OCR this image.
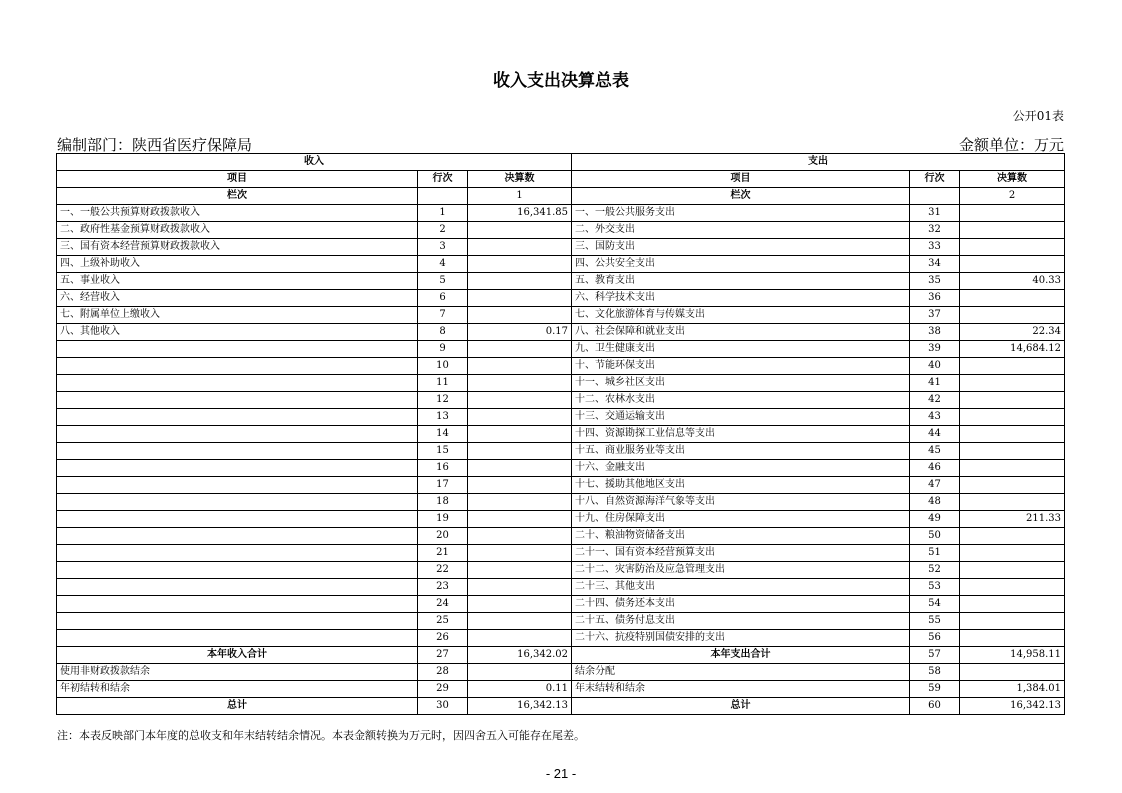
收入支出决算总表
公开01表
编制部门：陕西省医疗保障局	金额单位：万元
收入			支出		
项目	行次	决算数	项目	行次	决算数
栏次		1	栏次		2
一、一般公共预算财政拨款收入	1	16,341.85	一、一般公共服务支出	31	
二、政府性基金预算财政拨款收入	2		二、外交支出	32	
三、国有资本经营预算财政拨款收入	3		三、国防支出	33	
四、上级补助收入	4		四、公共安全支出	34	
五、事业收入	5		五、教育支出	35	40.33
六、经营收入	6		六、科学技术支出	36	
七、附属单位上缴收入	7		七、文化旅游体育与传媒支出	37	
八、其他收入	8	0.17	八、社会保障和就业支出	38	22.34
	9		九、卫生健康支出	39	14,684.12
	10		十、节能环保支出	40	
	11		十一、城乡社区支出	41	
	12		十二、农林水支出	42	
	13		十三、交通运输支出	43	
	14		十四、资源勘探工业信息等支出	44	
	15		十五、商业服务业等支出	45	
	16		十六、金融支出	46	
	17		十七、援助其他地区支出	47	
	18		十八、自然资源海洋气象等支出	48	
	19		十九、住房保障支出	49	211.33
	20		二十、粮油物资储备支出	50	
	21		二十一、国有资本经营预算支出	51	
	22		二十二、灾害防治及应急管理支出	52	
	23		二十三、其他支出	53	
	24		二十四、债务还本支出	54	
	25		二十五、债务付息支出	55	
	26		二十六、抗疫特别国债安排的支出	56	
本年收入合计	27	16,342.02	本年支出合计	57	14,958.11
使用非财政拨款结余	28		结余分配	58	
年初结转和结余	29	0.11	年末结转和结余	59	1,384.01
总计	30	16,342.13	总计	60	16,342.13
注：本表反映部门本年度的总收支和年末结转结余情况。本表金额转换为万元时，因四舍五入可能存在尾差。
- 21 -
